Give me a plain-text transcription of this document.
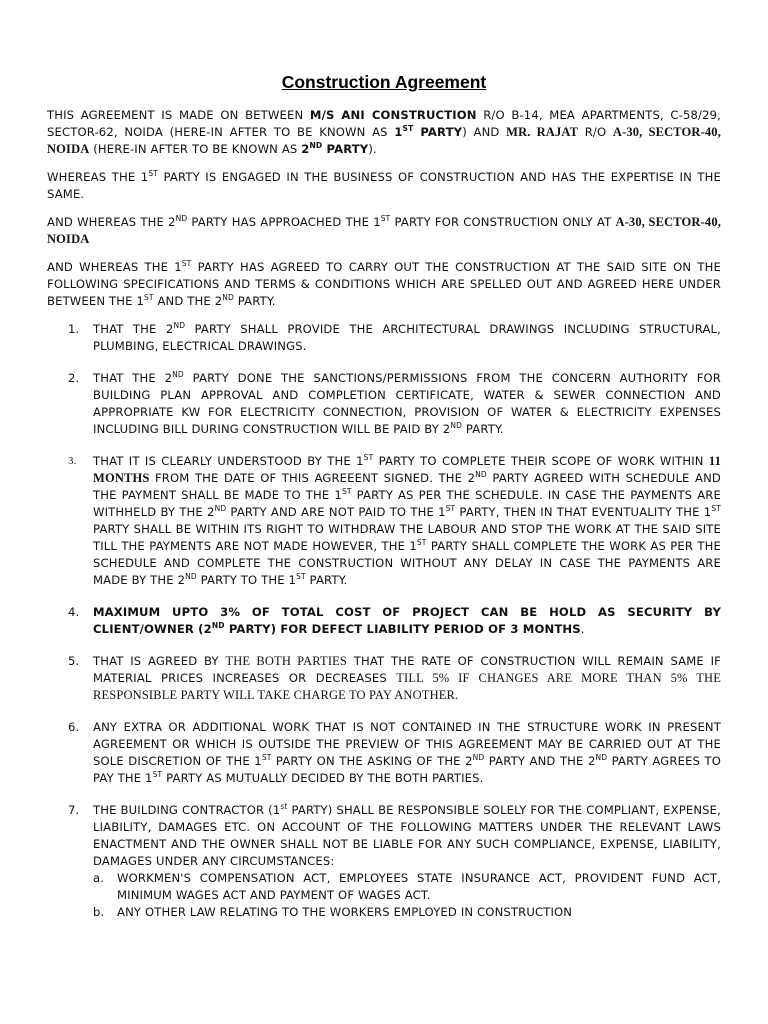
Construction Agreement

THIS AGREEMENT IS MADE ON BETWEEN M/S ANI CONSTRUCTION R/O B-14, MEA APARTMENTS, C-58/29, SECTOR-62, NOIDA (HERE-IN AFTER TO BE KNOWN AS 1ST PARTY) AND MR. RAJAT R/O A-30, SECTOR-40, NOIDA (HERE-IN AFTER TO BE KNOWN AS 2ND PARTY).

WHEREAS THE 1ST PARTY IS ENGAGED IN THE BUSINESS OF CONSTRUCTION AND HAS THE EXPERTISE IN THE SAME.

AND WHEREAS THE 2ND PARTY HAS APPROACHED THE 1ST PARTY FOR CONSTRUCTION ONLY AT A-30, SECTOR-40, NOIDA

AND WHEREAS THE 1ST PARTY HAS AGREED TO CARRY OUT THE CONSTRUCTION AT THE SAID SITE ON THE FOLLOWING SPECIFICATIONS AND TERMS & CONDITIONS WHICH ARE SPELLED OUT AND AGREED HERE UNDER BETWEEN THE 1ST AND THE 2ND PARTY.

1. THAT THE 2ND PARTY SHALL PROVIDE THE ARCHITECTURAL DRAWINGS INCLUDING STRUCTURAL, PLUMBING, ELECTRICAL DRAWINGS.
2. THAT THE 2ND PARTY DONE THE SANCTIONS/PERMISSIONS FROM THE CONCERN AUTHORITY FOR BUILDING PLAN APPROVAL AND COMPLETION CERTIFICATE, WATER & SEWER CONNECTION AND APPROPRIATE KW FOR ELECTRICITY CONNECTION, PROVISION OF WATER & ELECTRICITY EXPENSES INCLUDING BILL DURING CONSTRUCTION WILL BE PAID BY 2ND PARTY.
3. THAT IT IS CLEARLY UNDERSTOOD BY THE 1ST PARTY TO COMPLETE THEIR SCOPE OF WORK WITHIN 11 MONTHS FROM THE DATE OF THIS AGREEENT SIGNED. THE 2ND PARTY AGREED WITH SCHEDULE AND THE PAYMENT SHALL BE MADE TO THE 1ST PARTY AS PER THE SCHEDULE. IN CASE THE PAYMENTS ARE WITHHELD BY THE 2ND PARTY AND ARE NOT PAID TO THE 1ST PARTY, THEN IN THAT EVENTUALITY THE 1ST PARTY SHALL BE WITHIN ITS RIGHT TO WITHDRAW THE LABOUR AND STOP THE WORK AT THE SAID SITE TILL THE PAYMENTS ARE NOT MADE HOWEVER, THE 1ST PARTY SHALL COMPLETE THE WORK AS PER THE SCHEDULE AND COMPLETE THE CONSTRUCTION WITHOUT ANY DELAY IN CASE THE PAYMENTS ARE MADE BY THE 2ND PARTY TO THE 1ST PARTY.
4. MAXIMUM UPTO 3% OF TOTAL COST OF PROJECT CAN BE HOLD AS SECURITY BY CLIENT/OWNER (2ND PARTY) FOR DEFECT LIABILITY PERIOD OF 3 MONTHS.
5. THAT IS AGREED BY THE BOTH PARTIES THAT THE RATE OF CONSTRUCTION WILL REMAIN SAME IF MATERIAL PRICES INCREASES OR DECREASES TILL 5% IF CHANGES ARE MORE THAN 5% THE RESPONSIBLE PARTY WILL TAKE CHARGE TO PAY ANOTHER.
6. ANY EXTRA OR ADDITIONAL WORK THAT IS NOT CONTAINED IN THE STRUCTURE WORK IN PRESENT AGREEMENT OR WHICH IS OUTSIDE THE PREVIEW OF THIS AGREEMENT MAY BE CARRIED OUT AT THE SOLE DISCRETION OF THE 1ST PARTY ON THE ASKING OF THE 2ND PARTY AND THE 2ND PARTY AGREES TO PAY THE 1ST PARTY AS MUTUALLY DECIDED BY THE BOTH PARTIES.
7. THE BUILDING CONTRACTOR (1st PARTY) SHALL BE RESPONSIBLE SOLELY FOR THE COMPLIANT, EXPENSE, LIABILITY, DAMAGES ETC. ON ACCOUNT OF THE FOLLOWING MATTERS UNDER THE RELEVANT LAWS ENACTMENT AND THE OWNER SHALL NOT BE LIABLE FOR ANY SUCH COMPLIANCE, EXPENSE, LIABILITY, DAMAGES UNDER ANY CIRCUMSTANCES:
a. WORKMEN'S COMPENSATION ACT, EMPLOYEES STATE INSURANCE ACT, PROVIDENT FUND ACT, MINIMUM WAGES ACT AND PAYMENT OF WAGES ACT.
b. ANY OTHER LAW RELATING TO THE WORKERS EMPLOYED IN CONSTRUCTION
